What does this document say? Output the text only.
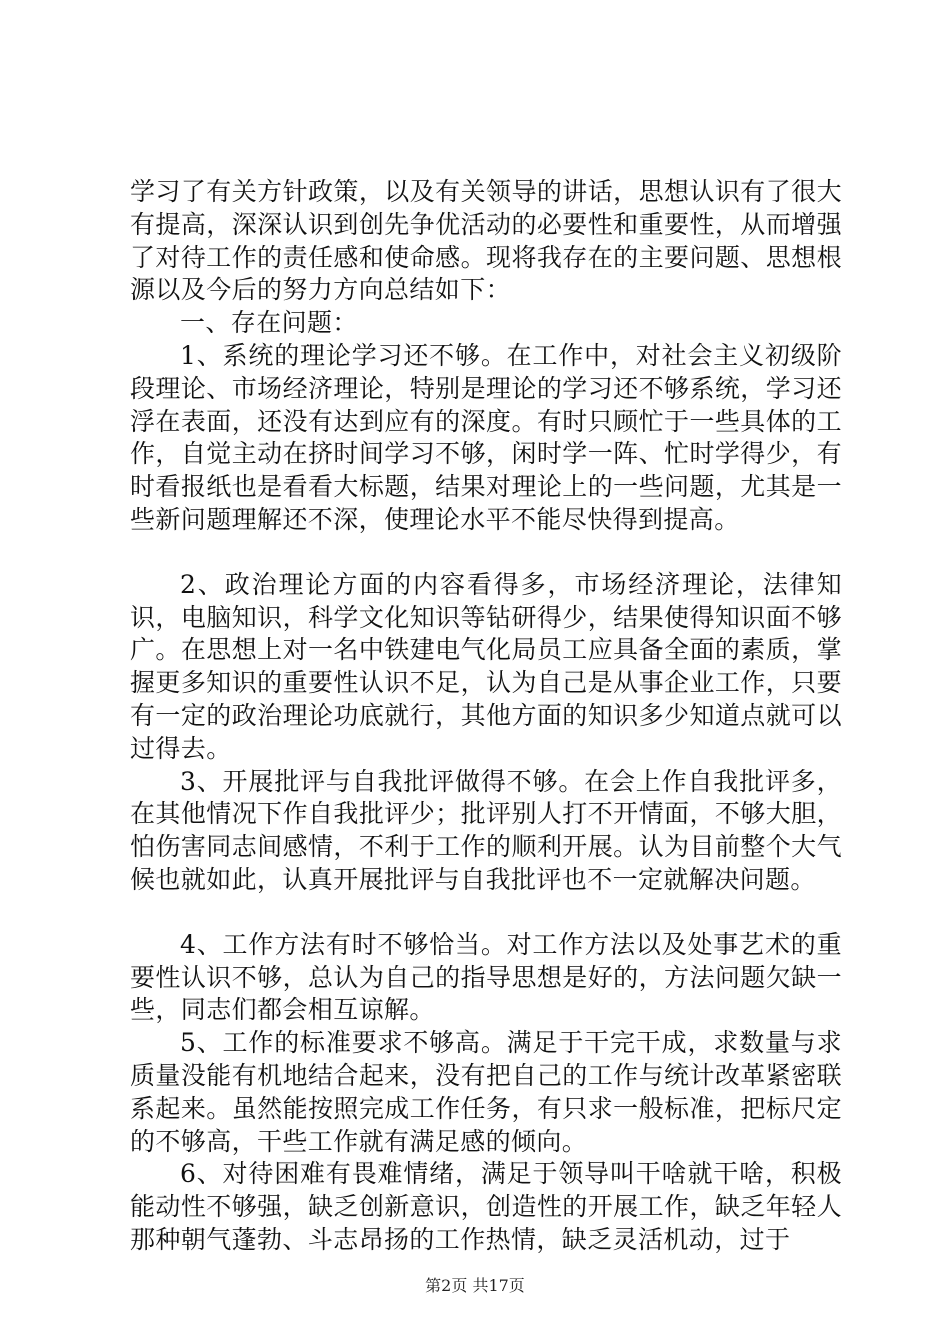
学习了有关方针政策，以及有关领导的讲话，思想认识有了很大有提高，深深认识到创先争优活动的必要性和重要性，从而增强了对待工作的责任感和使命感。现将我存在的主要问题、思想根源以及今后的努力方向总结如下：

一、存在问题：

1、系统的理论学习还不够。在工作中，对社会主义初级阶段理论、市场经济理论，特别是理论的学习还不够系统，学习还浮在表面，还没有达到应有的深度。有时只顾忙于一些具体的工作，自觉主动在挤时间学习不够，闲时学一阵、忙时学得少，有时看报纸也是看看大标题，结果对理论上的一些问题，尤其是一些新问题理解还不深，使理论水平不能尽快得到提高。

2、政治理论方面的内容看得多，市场经济理论，法律知识，电脑知识，科学文化知识等钻研得少，结果使得知识面不够广。在思想上对一名中铁建电气化局员工应具备全面的素质，掌握更多知识的重要性认识不足，认为自己是从事企业工作，只要有一定的政治理论功底就行，其他方面的知识多少知道点就可以过得去。

3、开展批评与自我批评做得不够。在会上作自我批评多，在其他情况下作自我批评少；批评别人打不开情面，不够大胆，怕伤害同志间感情，不利于工作的顺利开展。认为目前整个大气候也就如此，认真开展批评与自我批评也不一定就解决问题。

4、工作方法有时不够恰当。对工作方法以及处事艺术的重要性认识不够，总认为自己的指导思想是好的，方法问题欠缺一些，同志们都会相互谅解。

5、工作的标准要求不够高。满足于干完干成，求数量与求质量没能有机地结合起来，没有把自己的工作与统计改革紧密联系起来。虽然能按照完成工作任务，有只求一般标准，把标尺定的不够高，干些工作就有满足感的倾向。

6、对待困难有畏难情绪，满足于领导叫干啥就干啥，积极能动性不够强，缺乏创新意识，创造性的开展工作，缺乏年轻人那种朝气蓬勃、斗志昂扬的工作热情，缺乏灵活机动，过于

第2页 共17页
